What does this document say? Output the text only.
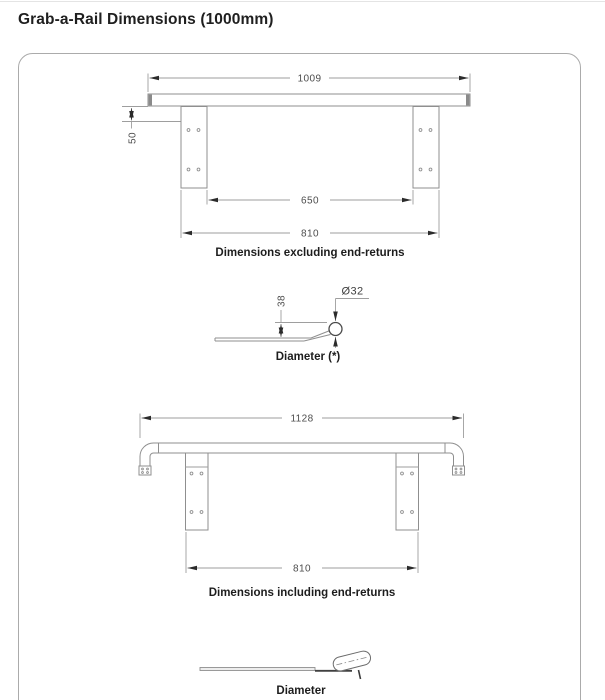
Grab-a-Rail Dimensions (1000mm)
1009
50
650
810
Dimensions excluding end-returns
Ø32
38
Diameter (*)
1128
810
Dimensions including end-returns
Diameter
